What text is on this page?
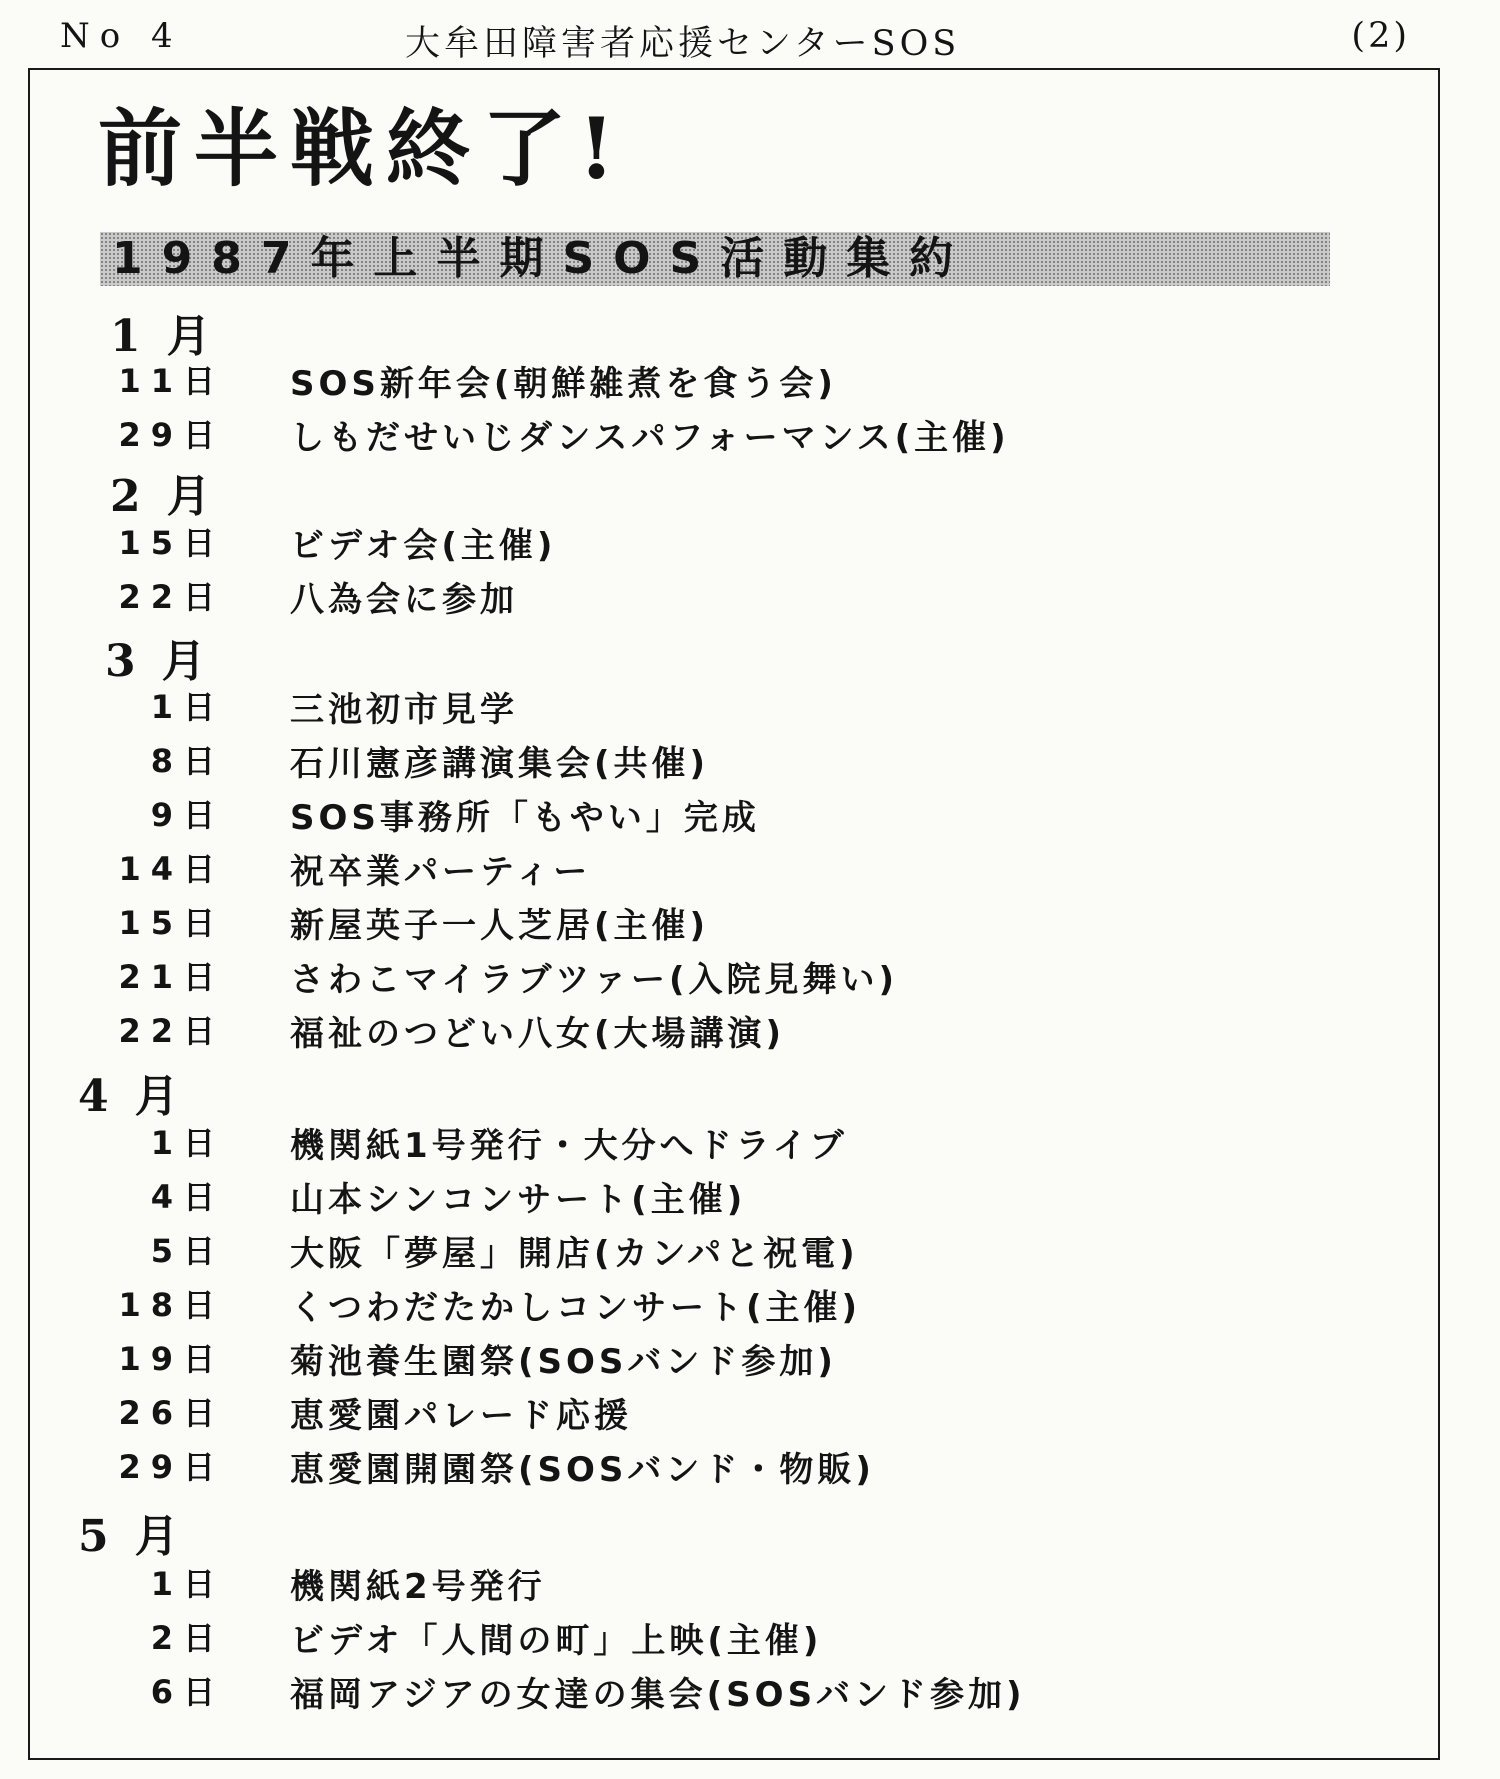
No 4	大牟田障害者応援センターSOS	(2)
前半戦終了!
1987年上半期SOS活動集約
1月
11日 SOS新年会(朝鮮雑煮を食う会)
29日 しもだせいじダンスパフォーマンス(主催)
2月
15日 ビデオ会(主催)
22日 八為会に参加
3月
1日 三池初市見学
8日 石川憲彦講演集会(共催)
9日 SOS事務所「もやい」完成
14日 祝卒業パーティー
15日 新屋英子一人芝居(主催)
21日 さわこマイラブツァー(入院見舞い)
22日 福祉のつどい八女(大場講演)
4月
1日 機関紙1号発行・大分へドライブ
4日 山本シンコンサート(主催)
5日 大阪「夢屋」開店(カンパと祝電)
18日 くつわだたかしコンサート(主催)
19日 菊池養生園祭(SOSバンド参加)
26日 恵愛園パレード応援
29日 恵愛園開園祭(SOSバンド・物販)
5月
1日 機関紙2号発行
2日 ビデオ「人間の町」上映(主催)
6日 福岡アジアの女達の集会(SOSバンド参加)
